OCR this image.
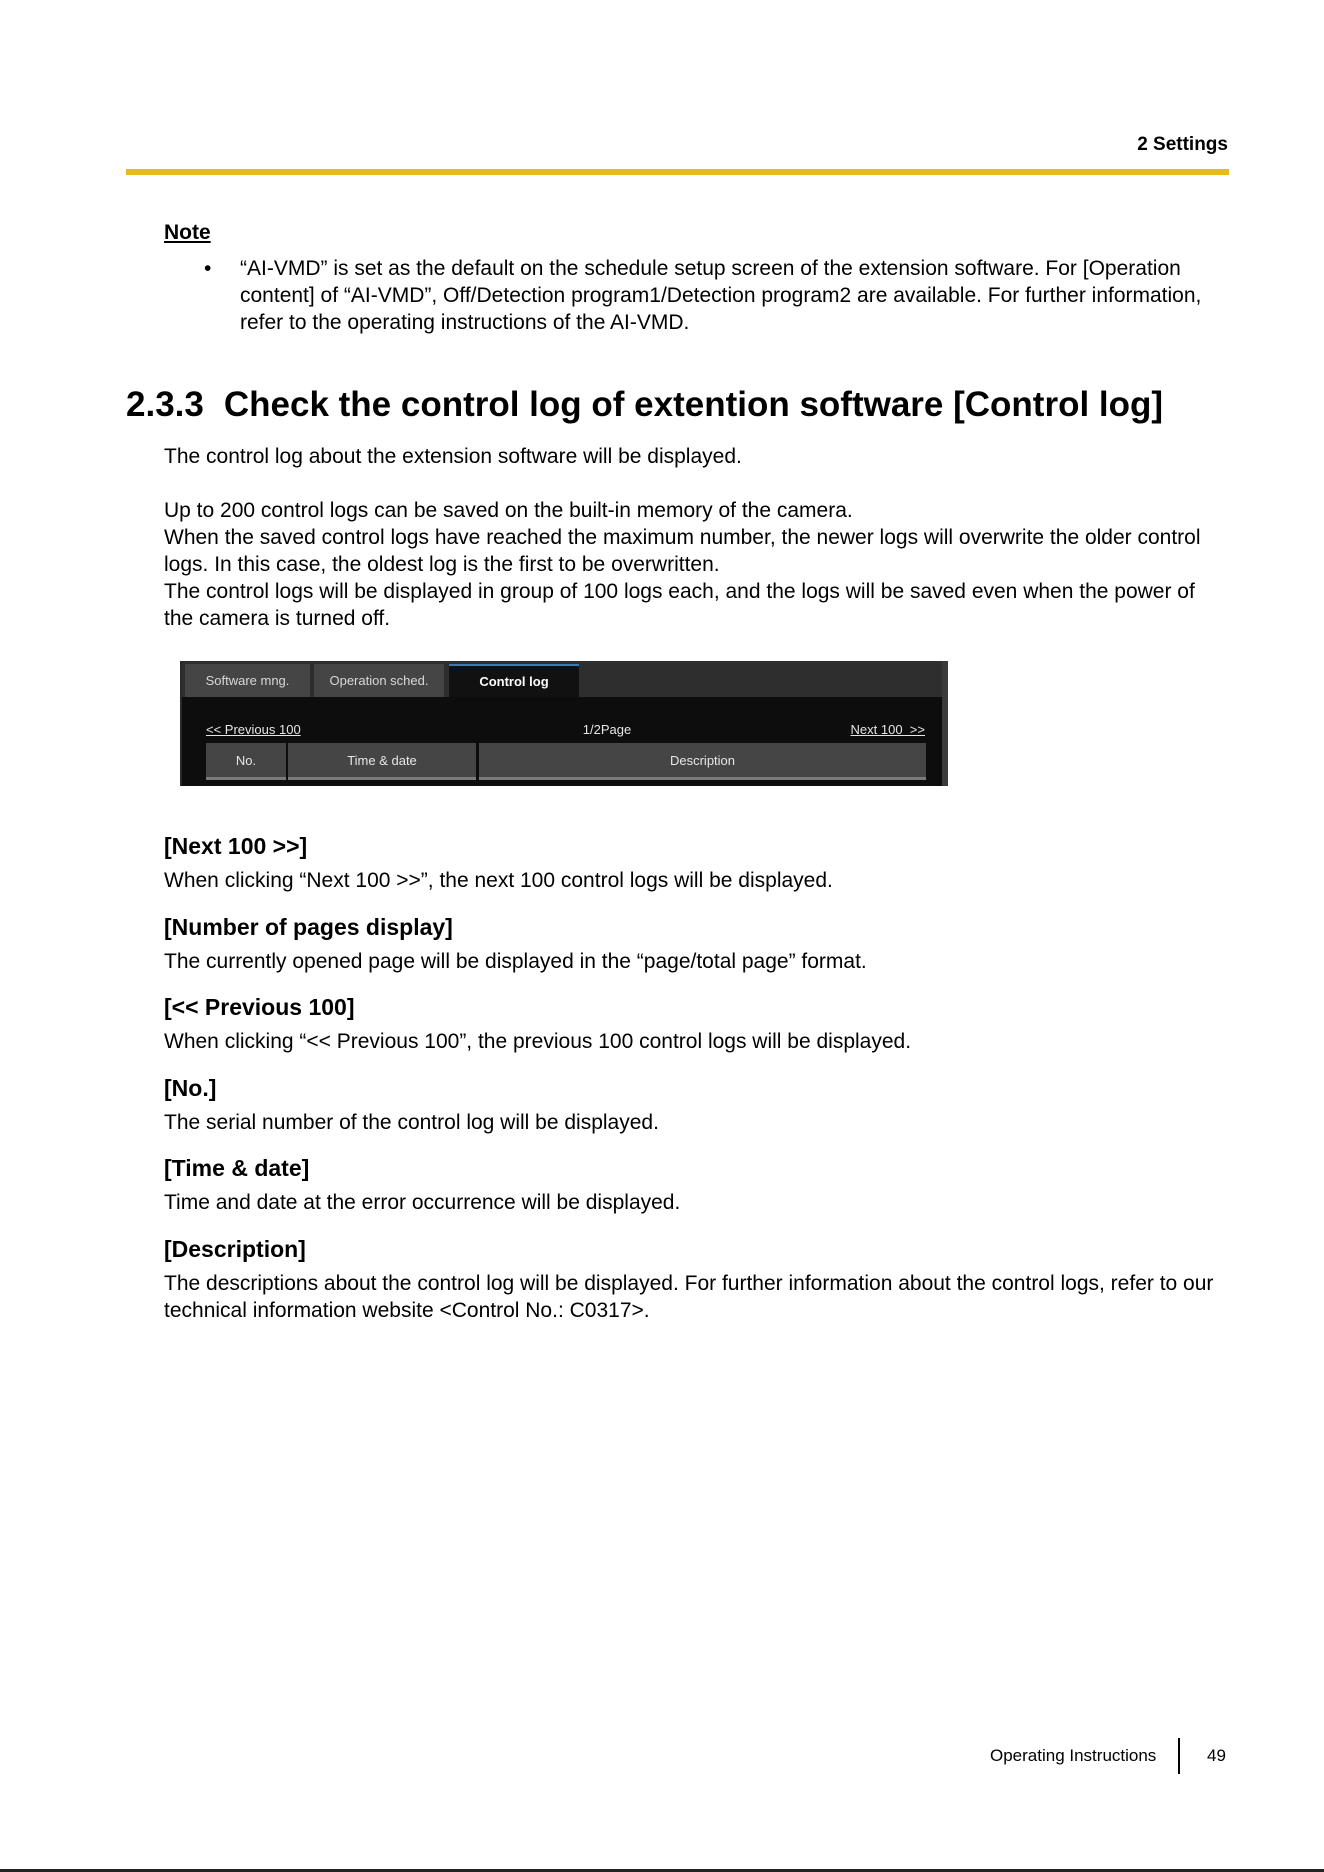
2 Settings
Note
• “AI-VMD” is set as the default on the schedule setup screen of the extension software. For [Operation content] of “AI-VMD”, Off/Detection program1/Detection program2 are available. For further information, refer to the operating instructions of the AI-VMD.
2.3.3 Check the control log of extention software [Control log]

The control log about the extension software will be displayed.

Up to 200 control logs can be saved on the built-in memory of the camera.

When the saved control logs have reached the maximum number, the newer logs will overwrite the older control logs. In this case, the oldest log is the first to be overwritten.

The control logs will be displayed in group of 100 logs each, and the logs will be saved even when the power of the camera is turned off.

Software mng.	Operation sched.	Control log
<< Previous 100	1/2Page	Next 100  >>
No.	Time & date	Description
[Next 100 >>]

When clicking “Next 100 >>”, the next 100 control logs will be displayed.

[Number of pages display]

The currently opened page will be displayed in the “page/total page” format.

[<< Previous 100]

When clicking “<< Previous 100”, the previous 100 control logs will be displayed.

[No.]

The serial number of the control log will be displayed.

[Time & date]

Time and date at the error occurrence will be displayed.

[Description]

The descriptions about the control log will be displayed. For further information about the control logs, refer to our technical information website <Control No.: C0317>.

Operating Instructions	49
